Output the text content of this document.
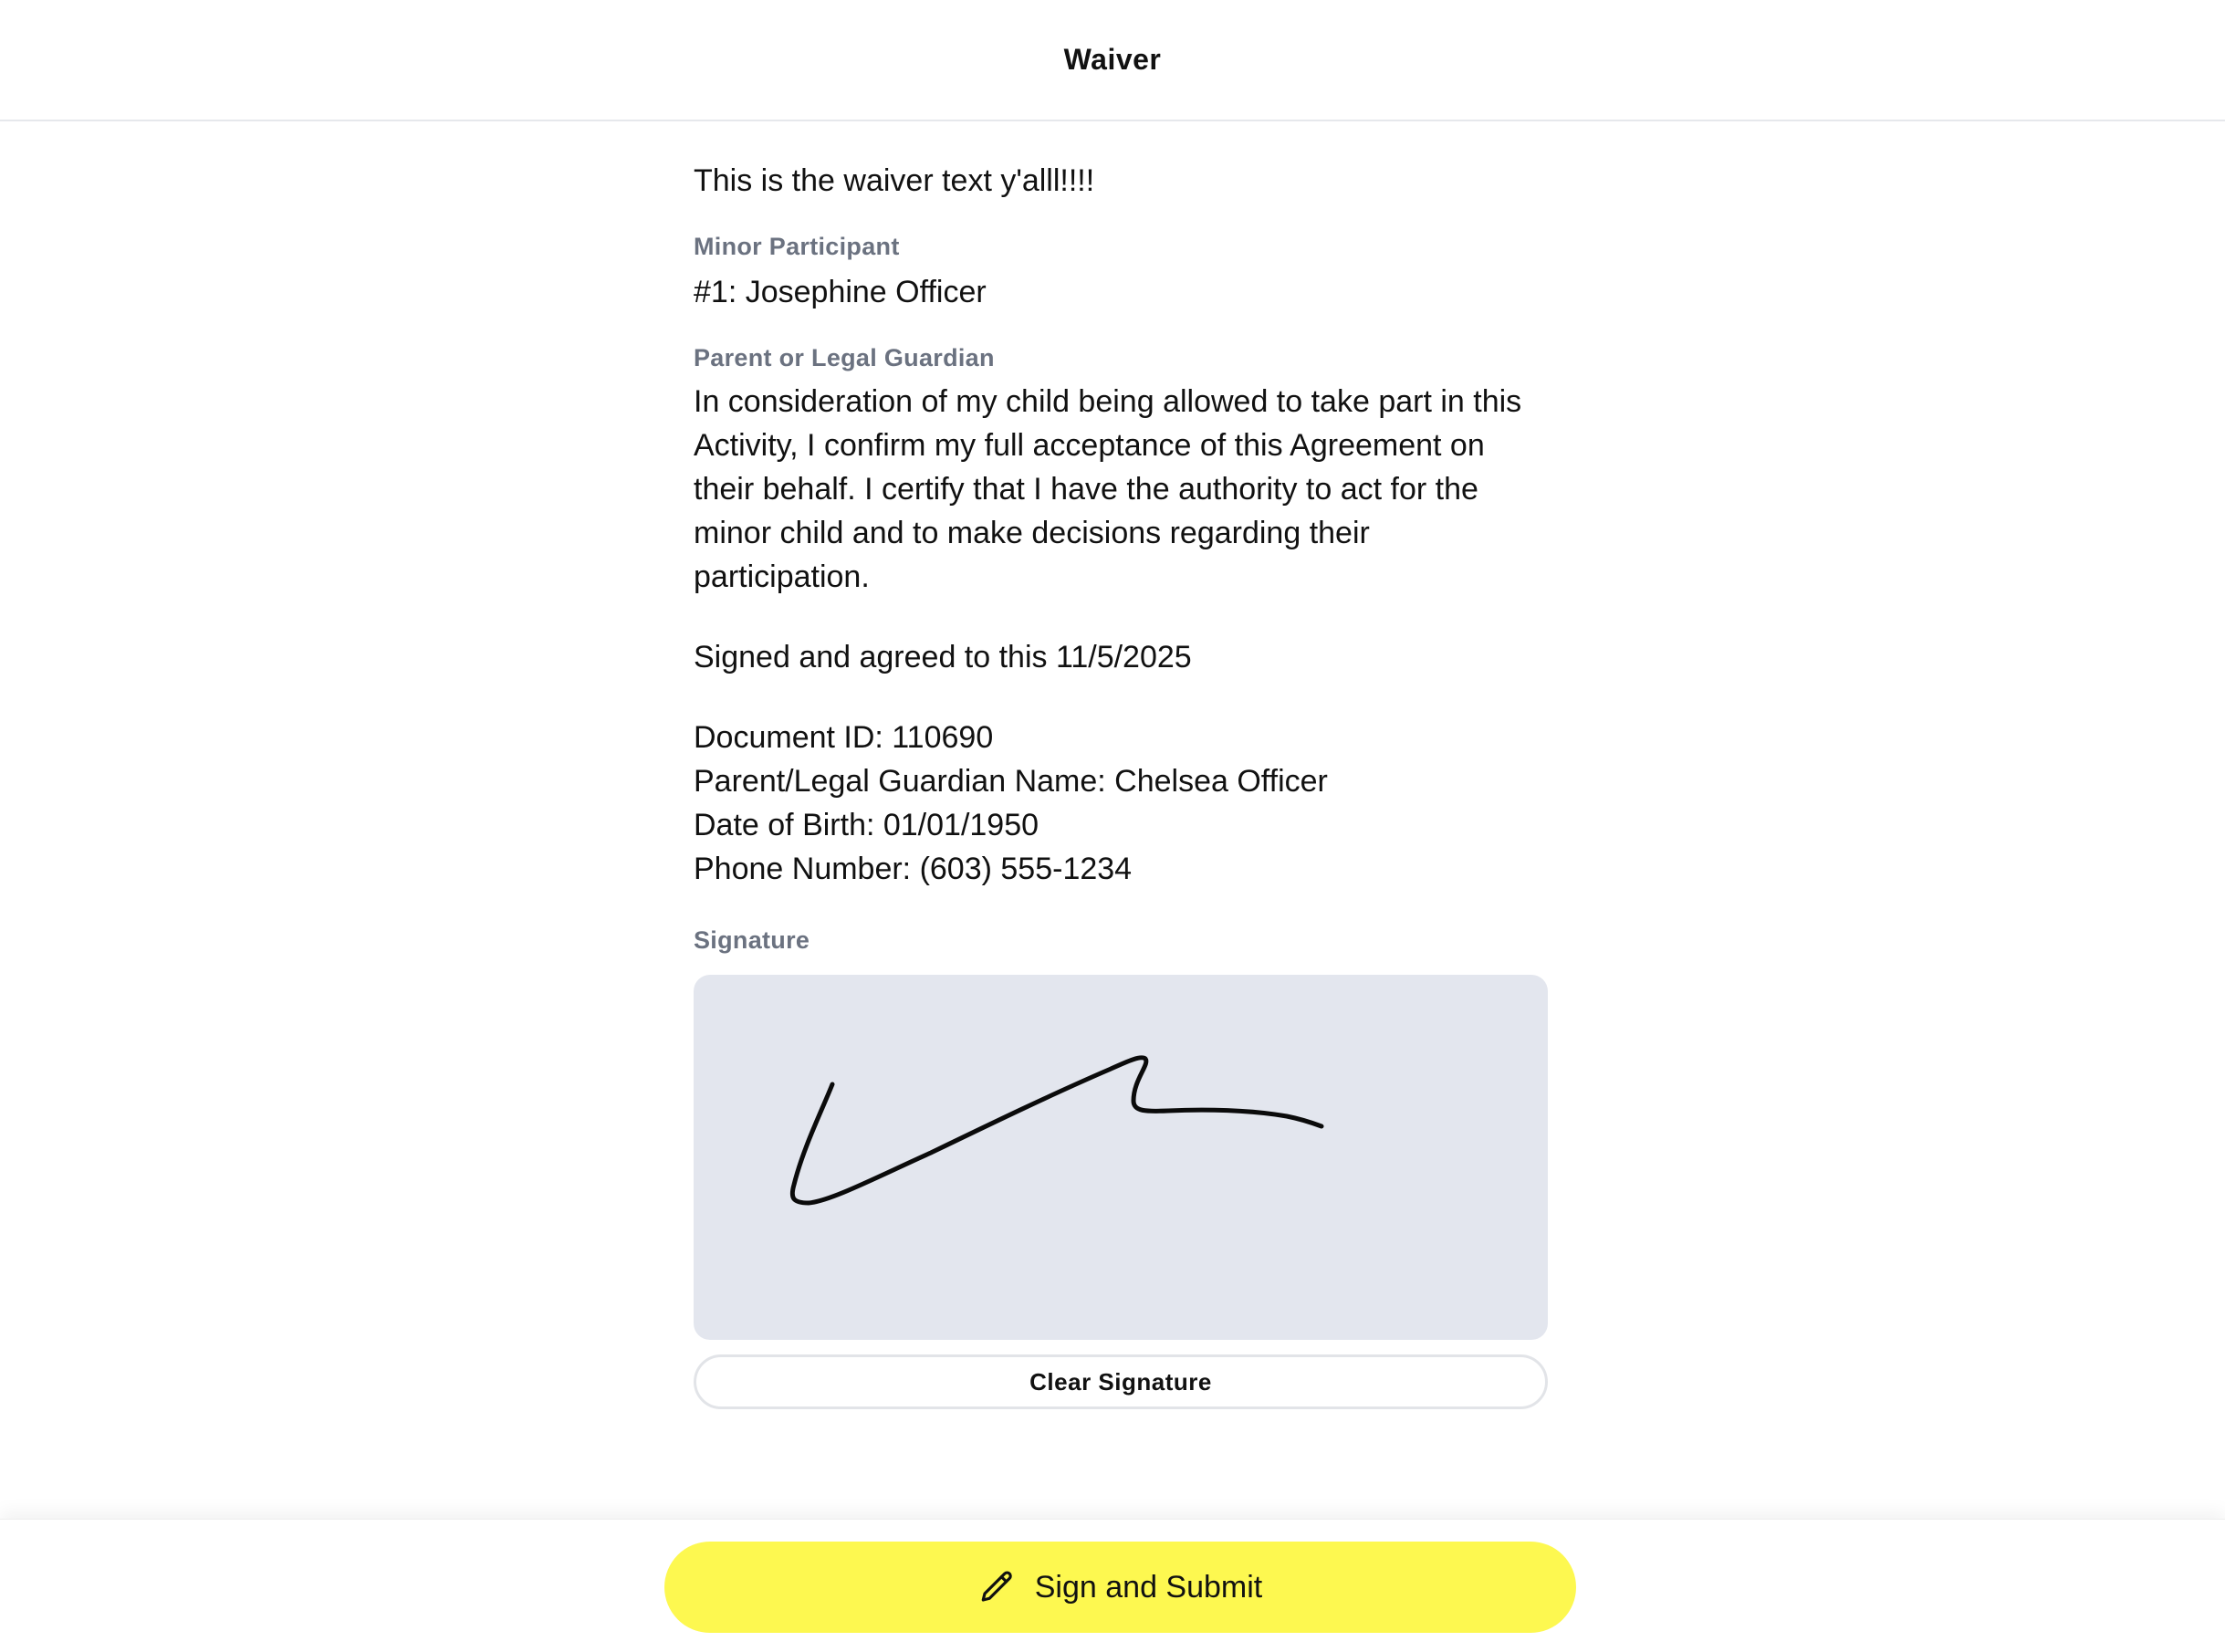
Waiver
This is the waiver text y'alll!!!!
Minor Participant
#1: Josephine Officer
Parent or Legal Guardian
In consideration of my child being allowed to take part in this Activity, I confirm my full acceptance of this Agreement on their behalf. I certify that I have the authority to act for the minor child and to make decisions regarding their participation.
Signed and agreed to this 11/5/2025
Document ID: 110690
Parent/Legal Guardian Name: Chelsea Officer
Date of Birth: 01/01/1950
Phone Number: (603) 555-1234
Signature
Clear Signature
Sign and Submit
